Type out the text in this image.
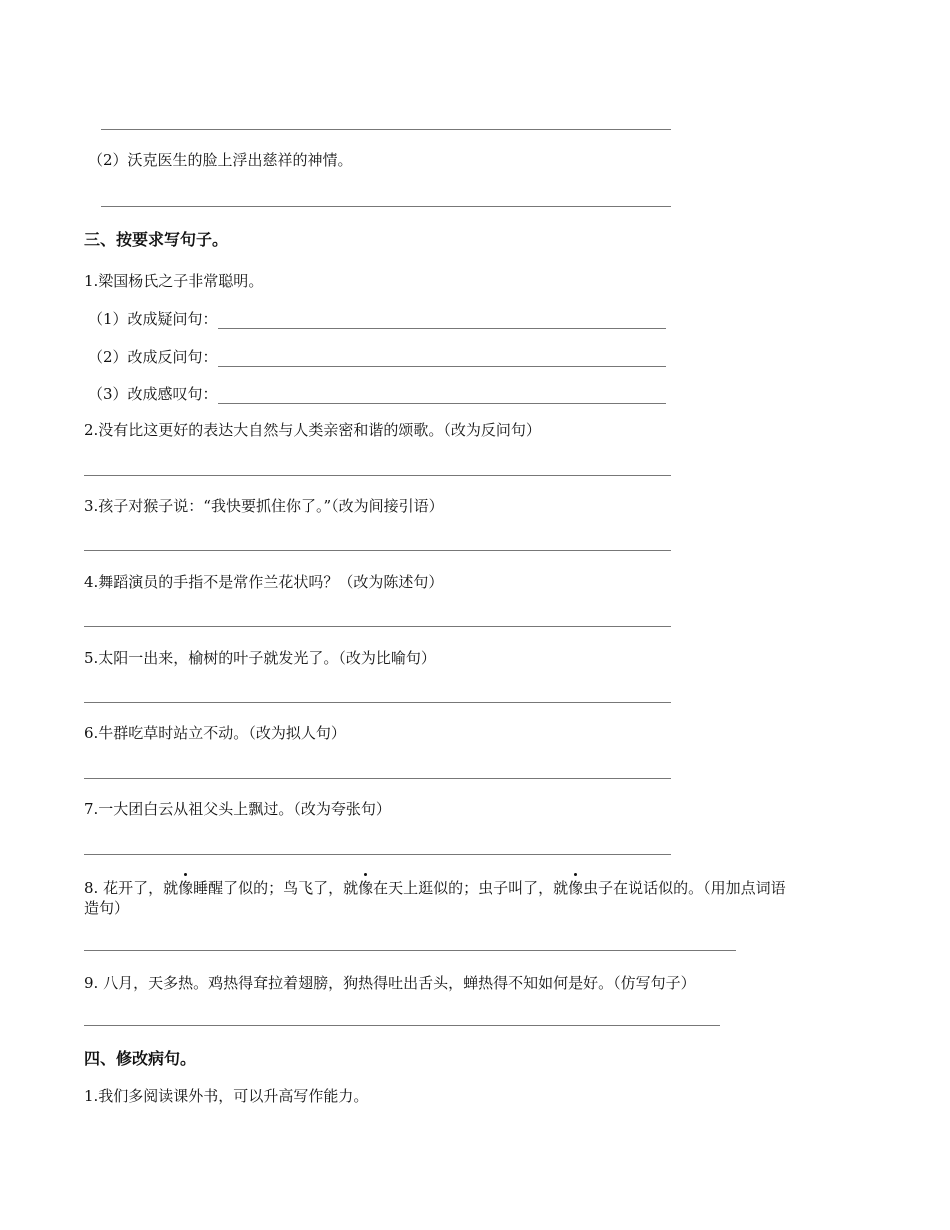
（2）沃克医生的脸上浮出慈祥的神情。
三、按要求写句子。
1.梁国杨氏之子非常聪明。
（1）改成疑问句：
（2）改成反问句：
（3）改成感叹句：
2.没有比这更好的表达大自然与人类亲密和谐的颂歌。（改为反问句）
3.孩子对猴子说：“我快要抓住你了。”（改为间接引语）
4.舞蹈演员的手指不是常作兰花状吗？（改为陈述句）
5.太阳一出来，榆树的叶子就发光了。（改为比喻句）
6.牛群吃草时站立不动。（改为拟人句）
7.一大团白云从祖父头上飘过。（改为夸张句）
8. 花开了，就像睡醒了似的；鸟飞了，就像在天上逛似的；虫子叫了，就像虫子在说话似的。（用加点词语
造句）
9. 八月，天多热。鸡热得耷拉着翅膀，狗热得吐出舌头，蝉热得不知如何是好。（仿写句子）
四、修改病句。
1.我们多阅读课外书，可以升高写作能力。
